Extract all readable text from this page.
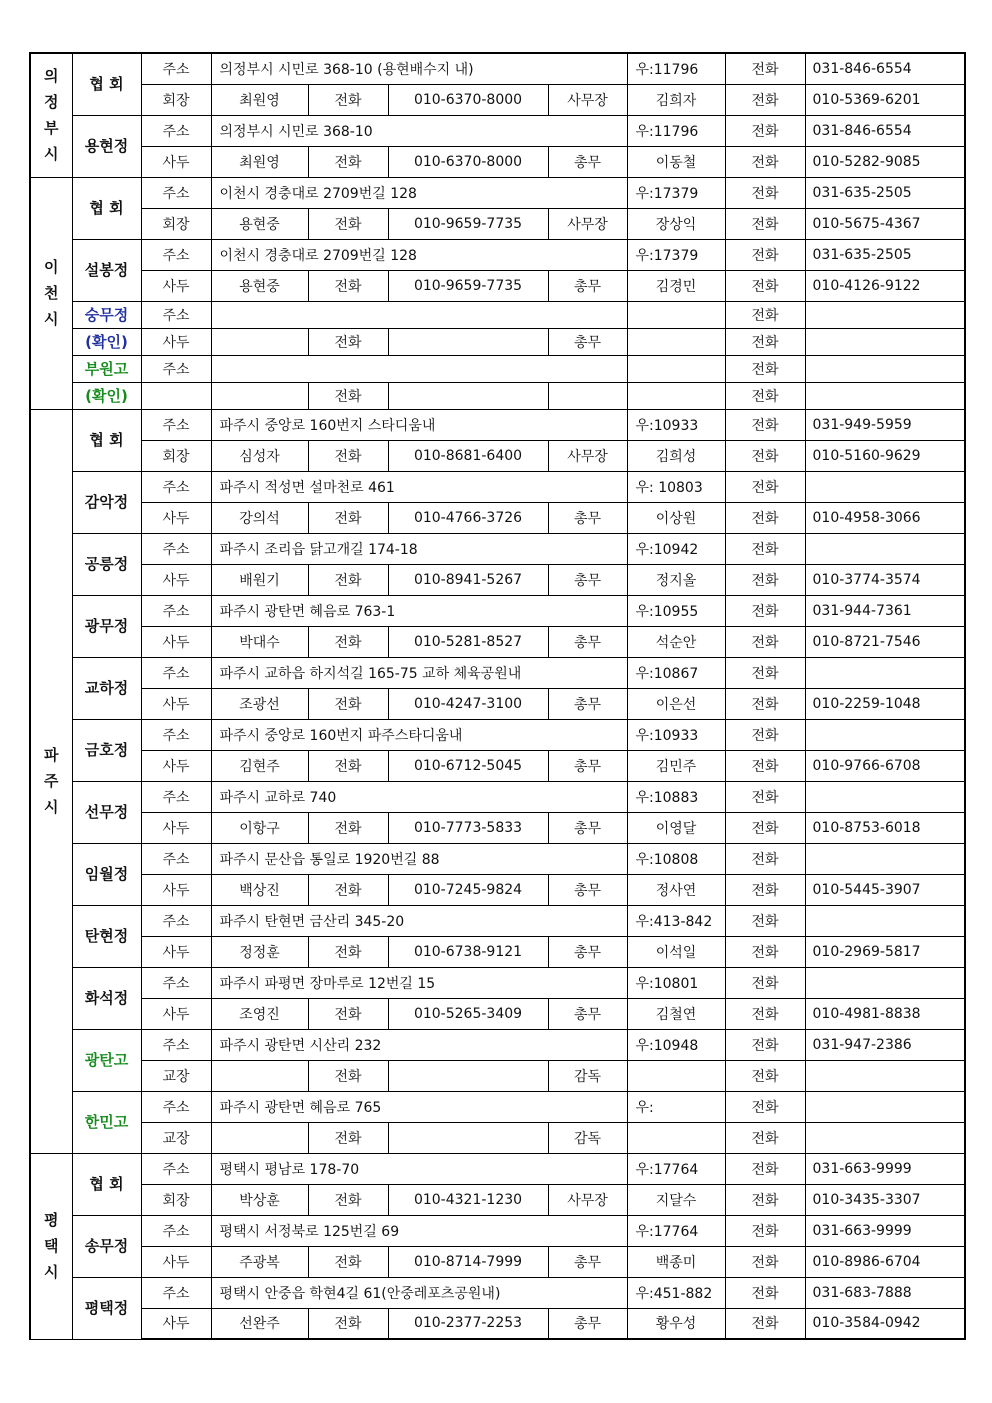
의정부시	협 회	주소	의정부시 시민로 368-10 (용현배수지 내)				우:11796	전화	031-846-6554
		회장	최원영	전화	010-6370-8000	사무장	김희자	전화	010-5369-6201
	용현정	주소	의정부시 시민로 368-10				우:11796	전화	031-846-6554
		사두	최원영	전화	010-6370-8000	총무	이동철	전화	010-5282-9085

이천시	협 회	주소	이천시 경충대로 2709번길 128				우:17379	전화	031-635-2505
		회장	용현중	전화	010-9659-7735	사무장	장상익	전화	010-5675-4367
	설봉정	주소	이천시 경충대로 2709번길 128				우:17379	전화	031-635-2505
		사두	용현중	전화	010-9659-7735	총무	김경민	전화	010-4126-9122
	숭무정	주소						전화	
	(확인)	사두		전화		총무		전화	
	부원고	주소						전화	
	(확인)			전화				전화	

파주시	협 회	주소	파주시 중앙로 160번지 스타디움내				우:10933	전화	031-949-5959
		회장	심성자	전화	010-8681-6400	사무장	김희성	전화	010-5160-9629
	감악정	주소	파주시 적성면 설마천로 461				우: 10803	전화	
		사두	강의석	전화	010-4766-3726	총무	이상원	전화	010-4958-3066
	공릉정	주소	파주시 조리읍 닭고개길 174-18				우:10942	전화	
		사두	배원기	전화	010-8941-5267	총무	정지올	전화	010-3774-3574
	광무정	주소	파주시 광탄면 혜음로 763-1				우:10955	전화	031-944-7361
		사두	박대수	전화	010-5281-8527	총무	석순안	전화	010-8721-7546
	교하정	주소	파주시 교하읍 하지석길 165-75 교하 체육공원내				우:10867	전화	
		사두	조광선	전화	010-4247-3100	총무	이은선	전화	010-2259-1048
	금호정	주소	파주시 중앙로 160번지 파주스타디움내				우:10933	전화	
		사두	김현주	전화	010-6712-5045	총무	김민주	전화	010-9766-6708
	선무정	주소	파주시 교하로 740				우:10883	전화	
		사두	이항구	전화	010-7773-5833	총무	이영달	전화	010-8753-6018
	임월정	주소	파주시 문산읍 통일로 1920번길 88				우:10808	전화	
		사두	백상진	전화	010-7245-9824	총무	정사연	전화	010-5445-3907
	탄현정	주소	파주시 탄현면 금산리 345-20				우:413-842	전화	
		사두	정정훈	전화	010-6738-9121	총무	이석일	전화	010-2969-5817
	화석정	주소	파주시 파평면 장마루로 12번길 15				우:10801	전화	
		사두	조영진	전화	010-5265-3409	총무	김철연	전화	010-4981-8838
	광탄고	주소	파주시 광탄면 시산리 232				우:10948	전화	031-947-2386
		교장		전화		감독		전화	
	한민고	주소	파주시 광탄면 혜음로 765				우:	전화	
		교장		전화		감독		전화	

평택시	협 회	주소	평택시 평남로 178-70				우:17764	전화	031-663-9999
		회장	박상훈	전화	010-4321-1230	사무장	지달수	전화	010-3435-3307
	송무정	주소	평택시 서정북로 125번길 69				우:17764	전화	031-663-9999
		사두	주광복	전화	010-8714-7999	총무	백종미	전화	010-8986-6704
	평택정	주소	평택시 안중읍 학현4길 61(안중레포츠공원내)				우:451-882	전화	031-683-7888
		사두	선완주	전화	010-2377-2253	총무	황우성	전화	010-3584-0942
